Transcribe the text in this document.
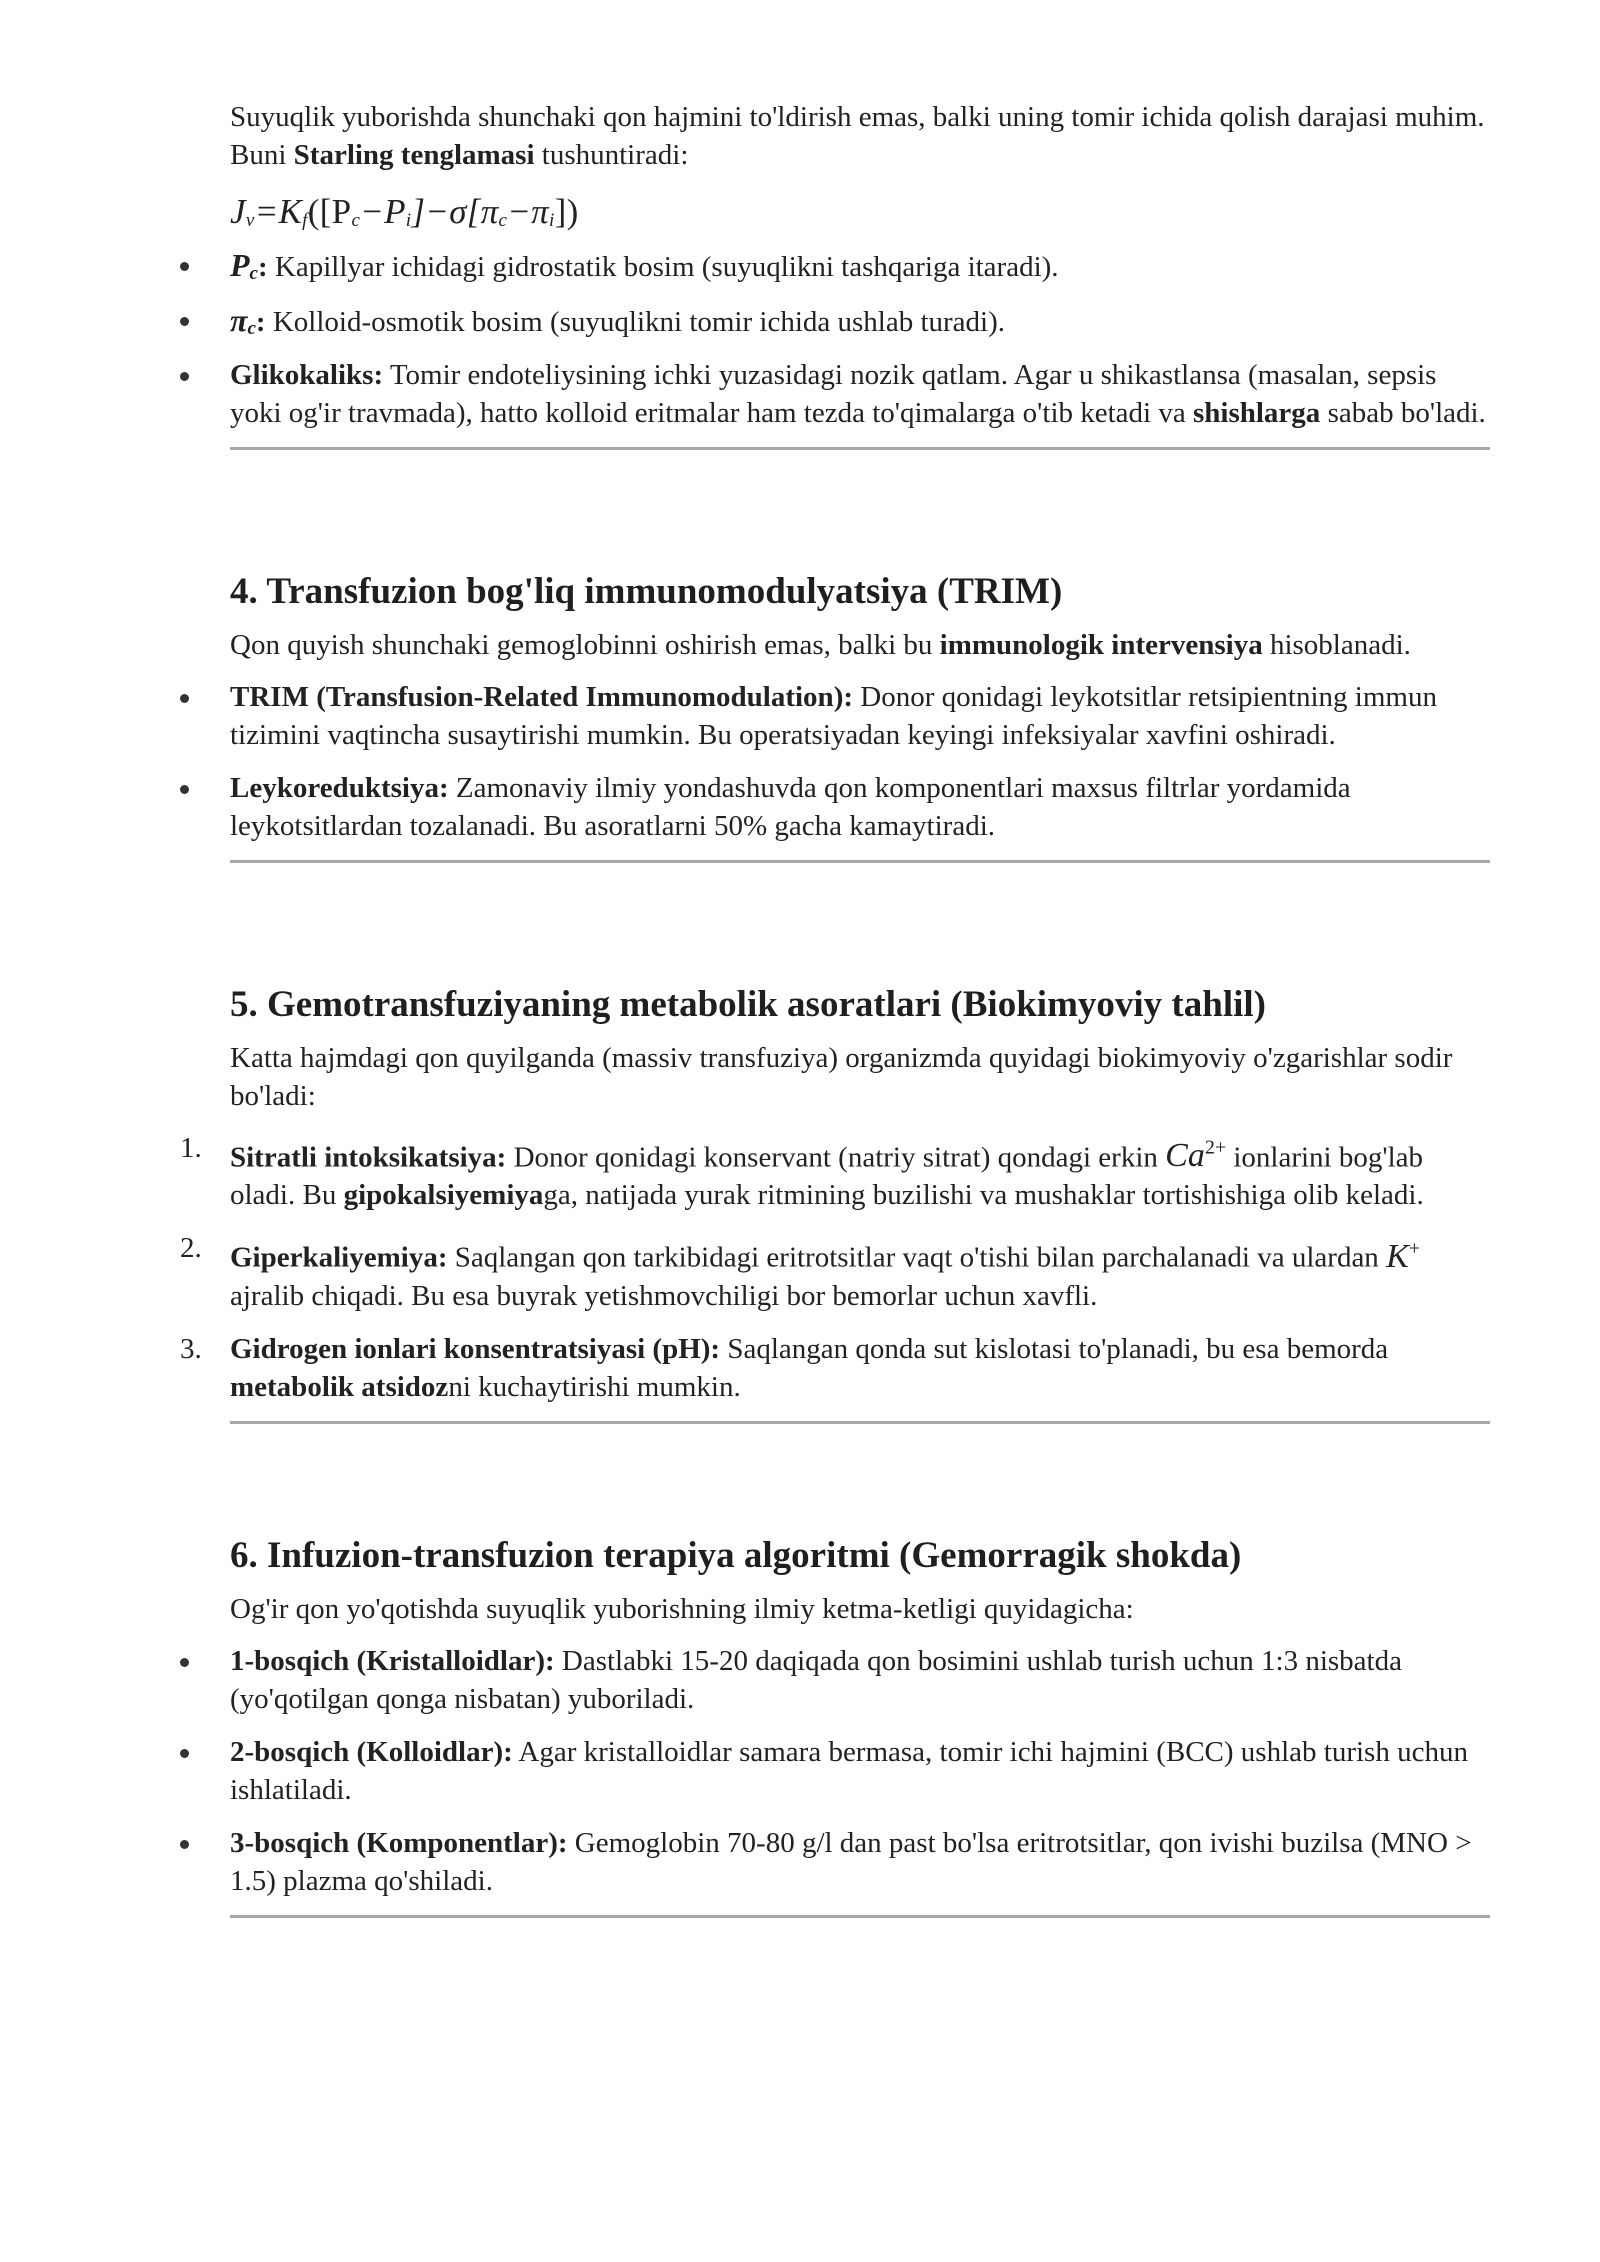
Suyuqlik yuborishda shunchaki qon hajmini to'ldirish emas, balki uning tomir ichida qolish darajasi muhim. Buni Starling tenglamasi tushuntiradi:

$J_v=K_f([P_c-P_i]-\sigma[\pi_c-\pi_i])$
$P_c$: Kapillyar ichidagi gidrostatik bosim (suyuqlikni tashqariga itaradi).
$\pi_c$: Kolloid-osmotik bosim (suyuqlikni tomir ichida ushlab turadi).
Glikokaliks: Tomir endoteliysining ichki yuzasidagi nozik qatlam. Agar u shikastlansa (masalan, sepsis yoki og'ir travmada), hatto kolloid eritmalar ham tezda to'qimalarga o'tib ketadi va shishlarga sabab bo'ladi.
4. Transfuzion bog'liq immunomodulyatsiya (TRIM)

Qon quyish shunchaki gemoglobinni oshirish emas, balki bu immunologik intervensiya hisoblanadi.

TRIM (Transfusion-Related Immunomodulation): Donor qonidagi leykotsitlar retsipientning immun tizimini vaqtincha susaytirishi mumkin. Bu operatsiyadan keyingi infeksiyalar xavfini oshiradi.
Leykoreduktsiya: Zamonaviy ilmiy yondashuvda qon komponentlari maxsus filtrlar yordamida leykotsitlardan tozalanadi. Bu asoratlarni 50% gacha kamaytiradi.
5. Gemotransfuziyaning metabolik asoratlari (Biokimyoviy tahlil)

Katta hajmdagi qon quyilganda (massiv transfuziya) organizmda quyidagi biokimyoviy o'zgarishlar sodir bo'ladi:

1. Sitratli intoksikatsiya: Donor qonidagi konservant (natriy sitrat) qondagi erkin $Ca^{2+}$ ionlarini bog'lab oladi. Bu gipokalsiyemiyaga, natijada yurak ritmining buzilishi va mushaklar tortishishiga olib keladi.
2. Giperkaliyemiya: Saqlangan qon tarkibidagi eritrotsitlar vaqt o'tishi bilan parchalanadi va ulardan K+ ajralib chiqadi. Bu esa buyrak yetishmovchiligi bor bemorlar uchun xavfli.
3. Gidrogen ionlari konsentratsiyasi (pH): Saqlangan qonda sut kislotasi to'planadi, bu esa bemorda metabolik atsidozni kuchaytirishi mumkin.
6. Infuzion-transfuzion terapiya algoritmi (Gemorragik shokda)

Og'ir qon yo'qotishda suyuqlik yuborishning ilmiy ketma-ketligi quyidagicha:

1-bosqich (Kristalloidlar): Dastlabki 15-20 daqiqada qon bosimini ushlab turish uchun 1:3 nisbatda (yo'qotilgan qonga nisbatan) yuboriladi.
2-bosqich (Kolloidlar): Agar kristalloidlar samara bermasa, tomir ichi hajmini (BCC) ushlab turish uchun ishlatiladi.
3-bosqich (Komponentlar): Gemoglobin 70-80 g/l dan past bo'lsa eritrotsitlar, qon ivishi buzilsa (MNO > 1.5) plazma qo'shiladi.
